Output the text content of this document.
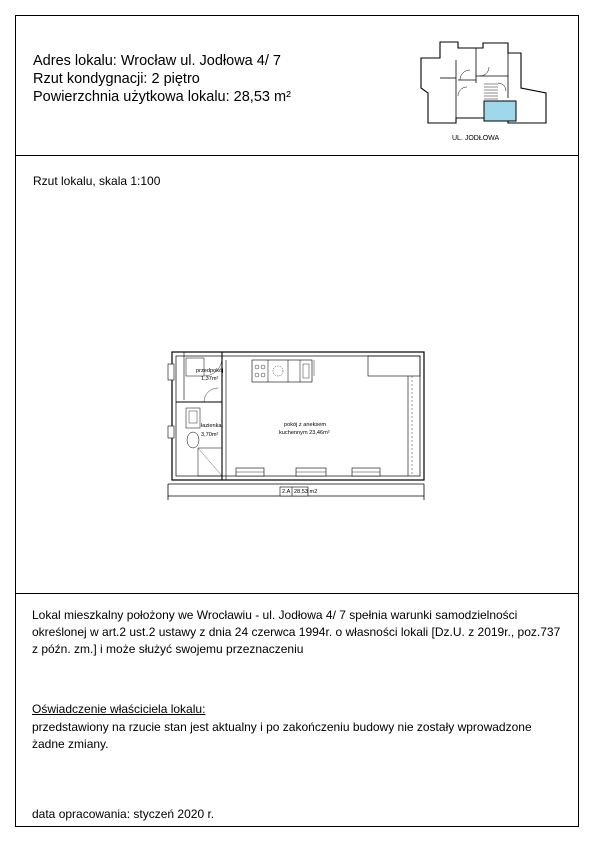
Adres lokalu: Wrocław ul. Jodłowa 4/ 7
Rzut kondygnacji: 2 piętro
Powierzchnia użytkowa lokalu: 28,53 m²
UL. JODŁOWA
Rzut lokalu, skala 1:100
przedpokój
1,37m²
łazienka
3,70m²
pokój z aneksem
kuchennym 23,46m²
2.A 28,53 m2
Lokal mieszkalny położony we Wrocławiu - ul. Jodłowa 4/ 7 spełnia warunki samodzielności określonej w art.2 ust.2 ustawy z dnia 24 czerwca 1994r. o własności lokali [Dz.U. z 2019r., poz.737 z późn. zm.] i może służyć swojemu przeznaczeniu
Oświadczenie właściciela lokalu:
przedstawiony na rzucie stan jest aktualny i po zakończeniu budowy nie zostały wprowadzone żadne zmiany.
data opracowania: styczeń 2020 r.
